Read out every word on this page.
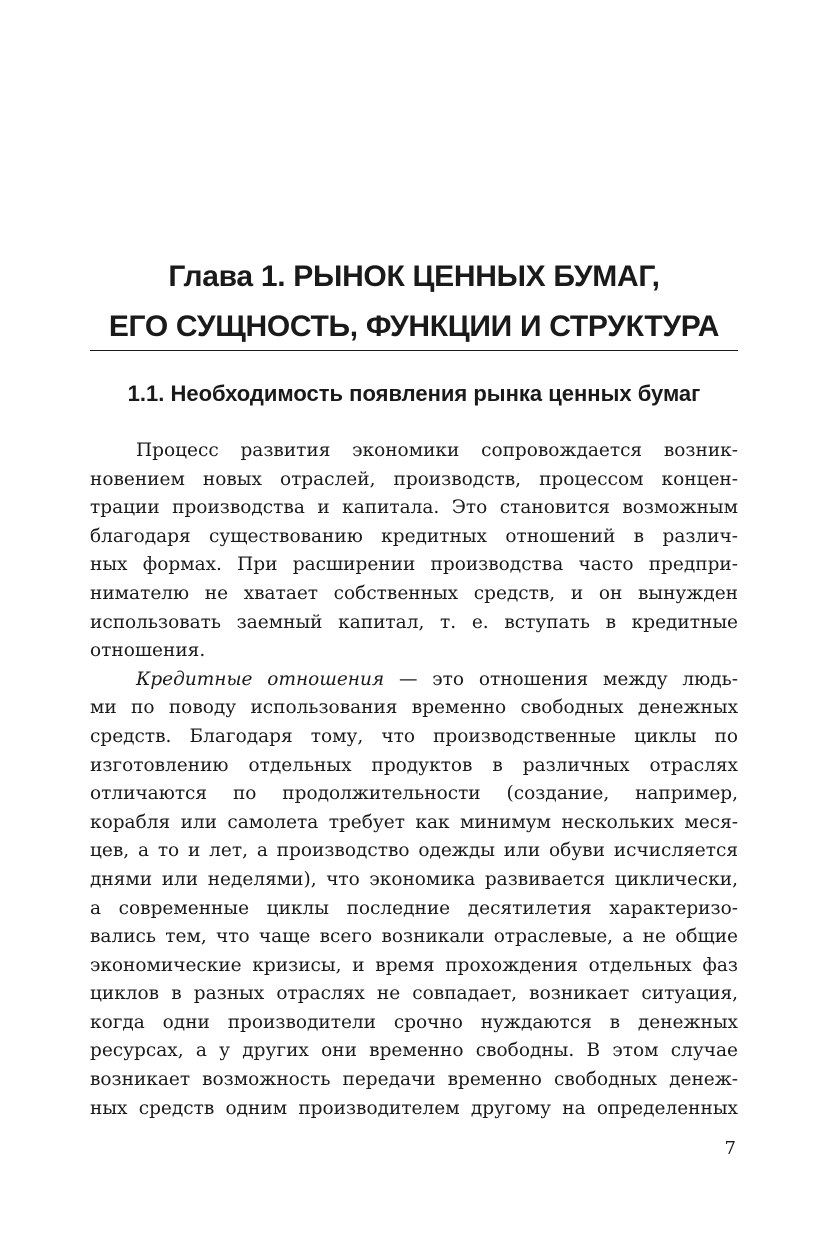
Глава 1. РЫНОК ЦЕННЫХ БУМАГ,
ЕГО СУЩНОСТЬ, ФУНКЦИИ И СТРУКТУРА
1.1. Необходимость появления рынка ценных бумаг
Процесс развития экономики сопровождается возник-
новением новых отраслей, производств, процессом концен-
трации производства и капитала. Это становится возможным
благодаря существованию кредитных отношений в различ-
ных формах. При расширении производства часто предпри-
нимателю не хватает собственных средств, и он вынужден
использовать заемный капитал, т. е. вступать в кредитные
отношения.
Кредитные отношения — это отношения между людь-
ми по поводу использования временно свободных денежных
средств. Благодаря тому, что производственные циклы по
изготовлению отдельных продуктов в различных отраслях
отличаются по продолжительности (создание, например,
корабля или самолета требует как минимум нескольких меся-
цев, а то и лет, а производство одежды или обуви исчисляется
днями или неделями), что экономика развивается циклически,
а современные циклы последние десятилетия характеризо-
вались тем, что чаще всего возникали отраслевые, а не общие
экономические кризисы, и время прохождения отдельных фаз
циклов в разных отраслях не совпадает, возникает ситуация,
когда одни производители срочно нуждаются в денежных
ресурсах, а у других они временно свободны. В этом случае
возникает возможность передачи временно свободных денеж-
ных средств одним производителем другому на определенных
7
